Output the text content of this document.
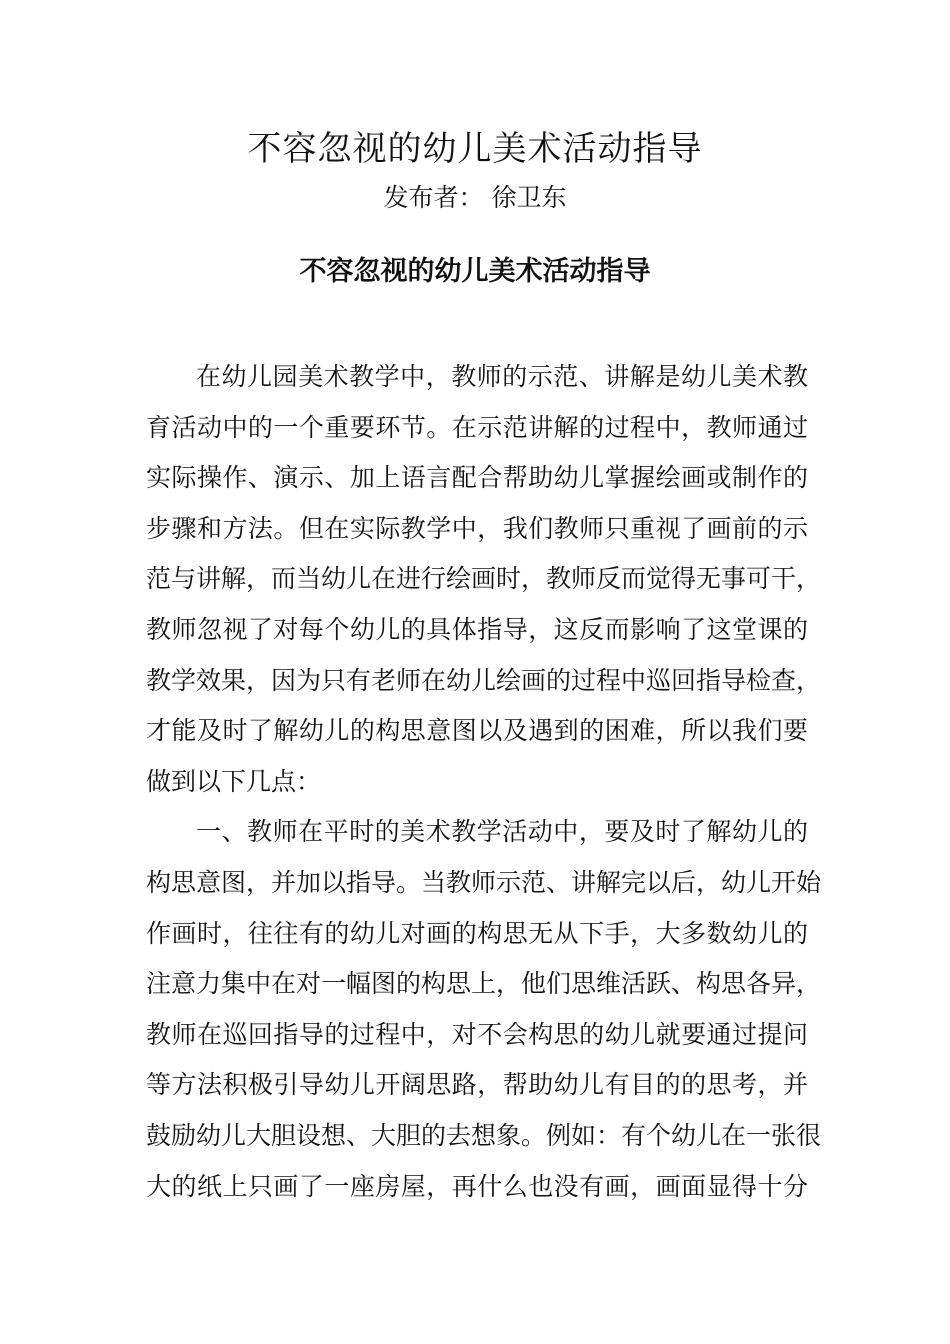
不容忽视的幼儿美术活动指导
发布者： 徐卫东
不容忽视的幼儿美术活动指导
在幼儿园美术教学中，教师的示范、讲解是幼儿美术教
育活动中的一个重要环节。在示范讲解的过程中，教师通过
实际操作、演示、加上语言配合帮助幼儿掌握绘画或制作的
步骤和方法。但在实际教学中，我们教师只重视了画前的示
范与讲解，而当幼儿在进行绘画时，教师反而觉得无事可干，
教师忽视了对每个幼儿的具体指导，这反而影响了这堂课的
教学效果，因为只有老师在幼儿绘画的过程中巡回指导检查，
才能及时了解幼儿的构思意图以及遇到的困难，所以我们要
做到以下几点：
一、教师在平时的美术教学活动中，要及时了解幼儿的
构思意图，并加以指导。当教师示范、讲解完以后，幼儿开始
作画时，往往有的幼儿对画的构思无从下手，大多数幼儿的
注意力集中在对一幅图的构思上，他们思维活跃、构思各异，
教师在巡回指导的过程中，对不会构思的幼儿就要通过提问
等方法积极引导幼儿开阔思路，帮助幼儿有目的的思考，并
鼓励幼儿大胆设想、大胆的去想象。例如：有个幼儿在一张很
大的纸上只画了一座房屋，再什么也没有画，画面显得十分
